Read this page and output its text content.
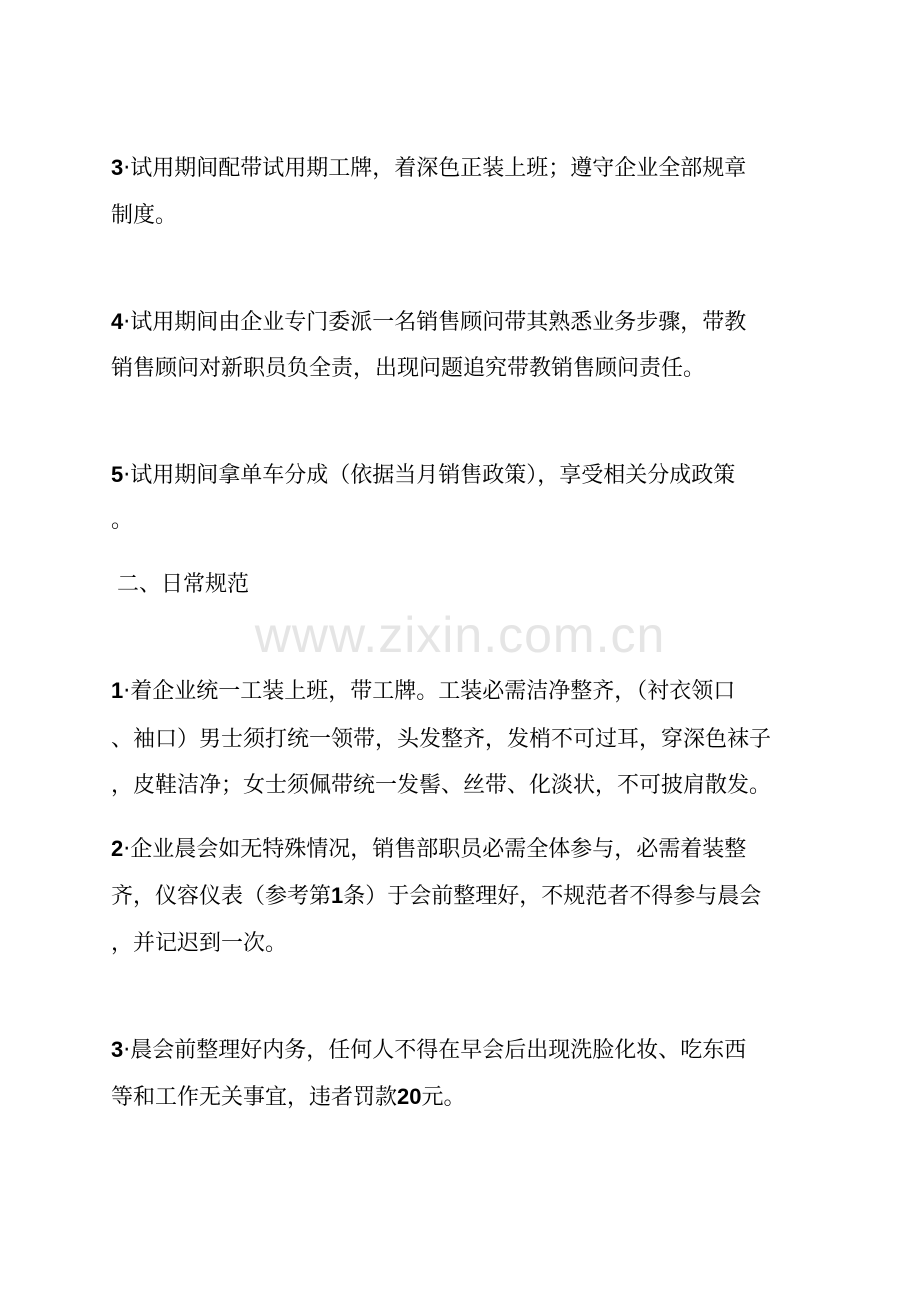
www.zixin.com.cn
3·试用期间配带试用期工牌，着深色正装上班；遵守企业全部规章
制度。
4·试用期间由企业专门委派一名销售顾问带其熟悉业务步骤，带教
销售顾问对新职员负全责，出现问题追究带教销售顾问责任。
5·试用期间拿单车分成（依据当月销售政策），享受相关分成政策
。
二、日常规范
1·着企业统一工装上班，带工牌。工装必需洁净整齐，（衬衣领口
、袖口）男士须打统一领带，头发整齐，发梢不可过耳，穿深色袜子
，皮鞋洁净；女士须佩带统一发髻、丝带、化淡状，不可披肩散发。
2·企业晨会如无特殊情况，销售部职员必需全体参与，必需着装整
齐，仪容仪表（参考第1条）于会前整理好，不规范者不得参与晨会
，并记迟到一次。
3·晨会前整理好内务，任何人不得在早会后出现洗脸化妆、吃东西
等和工作无关事宜，违者罚款20元。
